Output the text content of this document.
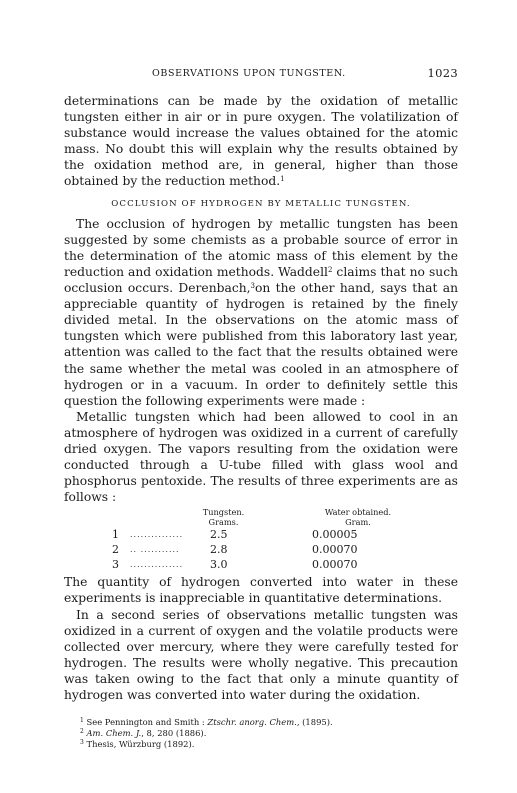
OBSERVATIONS UPON TUNGSTEN.	1023

determinations can be made by the oxidation of metallic tungsten either in air or in pure oxygen. The volatilization of substance would increase the values obtained for the atomic mass. No doubt this will explain why the results obtained by the oxidation method are, in general, higher than those obtained by the reduction method.$^1$

OCCLUSION OF HYDROGEN BY METALLIC TUNGSTEN.

The occlusion of hydrogen by metallic tungsten has been suggested by some chemists as a probable source of error in the determination of the atomic mass of this element by the reduction and oxidation methods. Waddell$^2$ claims that no such occlusion occurs. Derenbach,$^3$on the other hand, says that an appreciable quantity of hydrogen is retained by the finely divided metal. In the observations on the atomic mass of tungsten which were published from this laboratory last year, attention was called to the fact that the results obtained were the same whether the metal was cooled in an atmosphere of hydrogen or in a vacuum. In order to definitely settle this question the following experiments were made :

Metallic tungsten which had been allowed to cool in an atmosphere of hydrogen was oxidized in a current of carefully dried oxygen. The vapors resulting from the oxidation were conducted through a U-tube filled with glass wool and phosphorus pentoxide. The results of three experiments are as follows :

Tungsten.
Grams.
Water obtained.
Gram.
1	...............	2.5	0.00005
2	.. ...........	2.8	0.00070
3	...............	3.0	0.00070

The quantity of hydrogen converted into water in these experiments is inappreciable in quantitative determinations.

In a second series of observations metallic tungsten was oxidized in a current of oxygen and the volatile products were collected over mercury, where they were carefully tested for hydrogen. The results were wholly negative. This precaution was taken owing to the fact that only a minute quantity of hydrogen was converted into water during the oxidation.

$^1$ See Pennington and Smith : Ztschr. anorg. Chem., (1895).
$^2$ Am. Chem. J., 8, 280 (1886).
$^3$ Thesis, Würzburg (1892).
